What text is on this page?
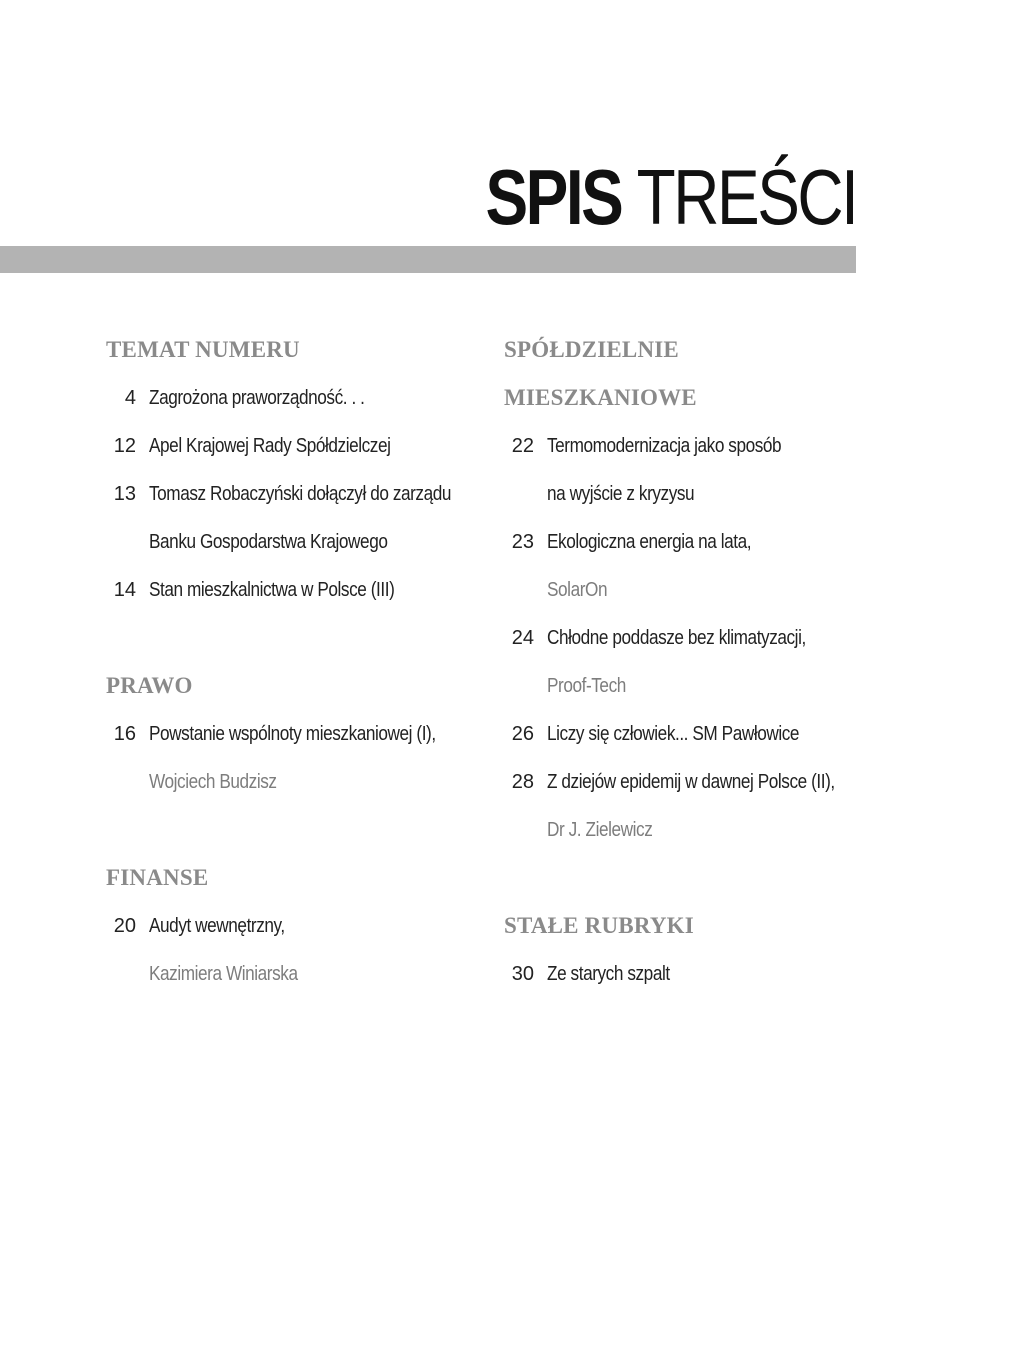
SPIS TREŚCI
TEMAT NUMERU
4 Zagrożona praworządność. . .
12 Apel Krajowej Rady Spółdzielczej
13 Tomasz Robaczyński dołączył do zarządu
Banku Gospodarstwa Krajowego
14 Stan mieszkalnictwa w Polsce (III)
PRAWO
16 Powstanie wspólnoty mieszkaniowej (I),
Wojciech Budzisz
FINANSE
20 Audyt wewnętrzny,
Kazimiera Winiarska
SPÓŁDZIELNIE
MIESZKANIOWE
22 Termomodernizacja jako sposób
na wyjście z kryzysu
23 Ekologiczna energia na lata,
SolarOn
24 Chłodne poddasze bez klimatyzacji,
Proof-Tech
26 Liczy się człowiek... SM Pawłowice
28 Z dziejów epidemij w dawnej Polsce (II),
Dr J. Zielewicz
STAŁE RUBRYKI
30 Ze starych szpalt
